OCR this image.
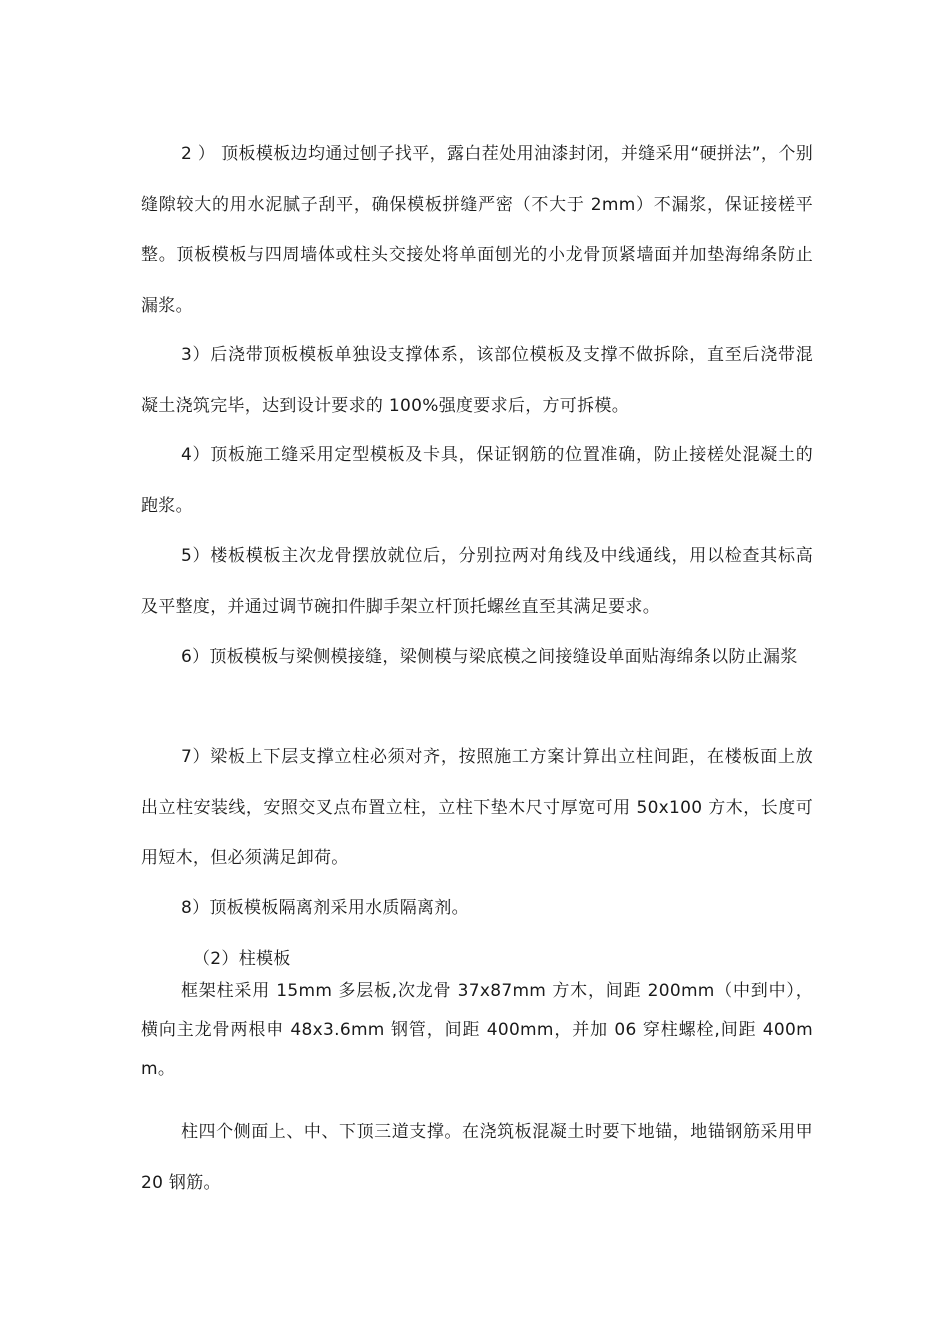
2 ） 顶板模板边均通过刨子找平，露白茬处用油漆封闭，并缝采用“硬拼法”，个别缝隙较大的用水泥腻子刮平，确保模板拼缝严密（不大于 2mm）不漏浆，保证接槎平整。顶板模板与四周墙体或柱头交接处将单面刨光的小龙骨顶紧墙面并加垫海绵条防止漏浆。

3）后浇带顶板模板单独设支撑体系，该部位模板及支撑不做拆除，直至后浇带混凝土浇筑完毕，达到设计要求的 100%强度要求后，方可拆模。

4）顶板施工缝采用定型模板及卡具，保证钢筋的位置准确，防止接槎处混凝土的跑浆。

5）楼板模板主次龙骨摆放就位后，分别拉两对角线及中线通线，用以检查其标高及平整度，并通过调节碗扣件脚手架立杆顶托螺丝直至其满足要求。

6）顶板模板与梁侧模接缝，梁侧模与梁底模之间接缝设单面贴海绵条以防止漏浆

7）梁板上下层支撑立柱必须对齐，按照施工方案计算出立柱间距，在楼板面上放出立柱安装线，安照交叉点布置立柱，立柱下垫木尺寸厚宽可用 50x100 方木，长度可用短木，但必须满足卸荷。

8）顶板模板隔离剂采用水质隔离剂。

（2）柱模板

框架柱采用 15mm 多层板,次龙骨 37x87mm 方木，间距 200mm（中到中），横向主龙骨两根申 48x3.6mm 钢管，间距 400mm，并加 06 穿柱螺栓,间距 400mm。

柱四个侧面上、中、下顶三道支撑。在浇筑板混凝土时要下地锚，地锚钢筋采用甲 20 钢筋。
